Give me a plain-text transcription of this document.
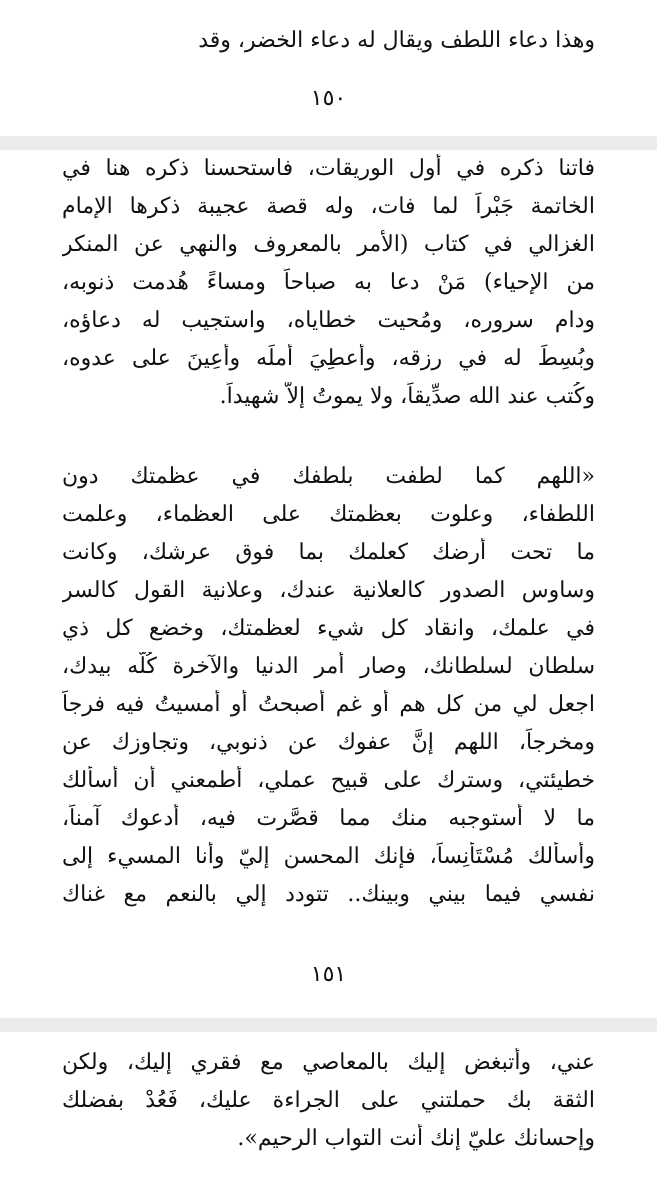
وهذا دعاء اللطف ويقال له دعاء الخضر، وقد
١٥٠
فاتنا ذكره في أول الوريقات، فاستحسنا ذكره هنا في
الخاتمة جَبْراً لما فات، وله قصة عجيبة ذكرها الإمام
الغزالي في كتاب (الأمر بالمعروف والنهي عن المنكر
من الإحياء) مَنْ دعا به صباحاً ومساءً هُدمت ذنوبه،
ودام سروره، ومُحيت خطاياه، واستجيب له دعاؤه،
وبُسِطَ له في رزقه، وأعطِيَ أملَه وأعِينَ على عدوه،
وكُتب عند الله صدِّيقاً، ولا يموتُ إلاَّ شهيداً.
«اللهم كما لطفت بلطفك في عظمتك دون
اللطفاء، وعلوت بعظمتك على العظماء، وعلمت
ما تحت أرضك كعلمك بما فوق عرشك، وكانت
وساوس الصدور كالعلانية عندك، وعلانية القول كالسر
في علمك، وانقاد كل شيء لعظمتك، وخضع كل ذي
سلطان لسلطانك، وصار أمر الدنيا والآخرة كُلّه بيدك،
اجعل لي من كل هم أو غم أصبحتُ أو أمسيتُ فيه فرجاً
ومخرجاً، اللهم إنَّ عفوك عن ذنوبي، وتجاوزك عن
خطيئتي، وسترك على قبيح عملي، أطمعني أن أسألك
ما لا أستوجبه منك مما قصَّرت فيه، أدعوك آمناً،
وأسألك مُسْتَأنِساً، فإنك المحسن إليّ وأنا المسيء إلى
نفسي فيما بيني وبينك.. تتودد إلي بالنعم مع غناك
١٥١
عني، وأتبغض إليك بالمعاصي مع فقري إليك، ولكن
الثقة بك حملتني على الجراءة عليك، فَعُدْ بفضلك
وإحسانك عليّ إنك أنت التواب الرحيم».
